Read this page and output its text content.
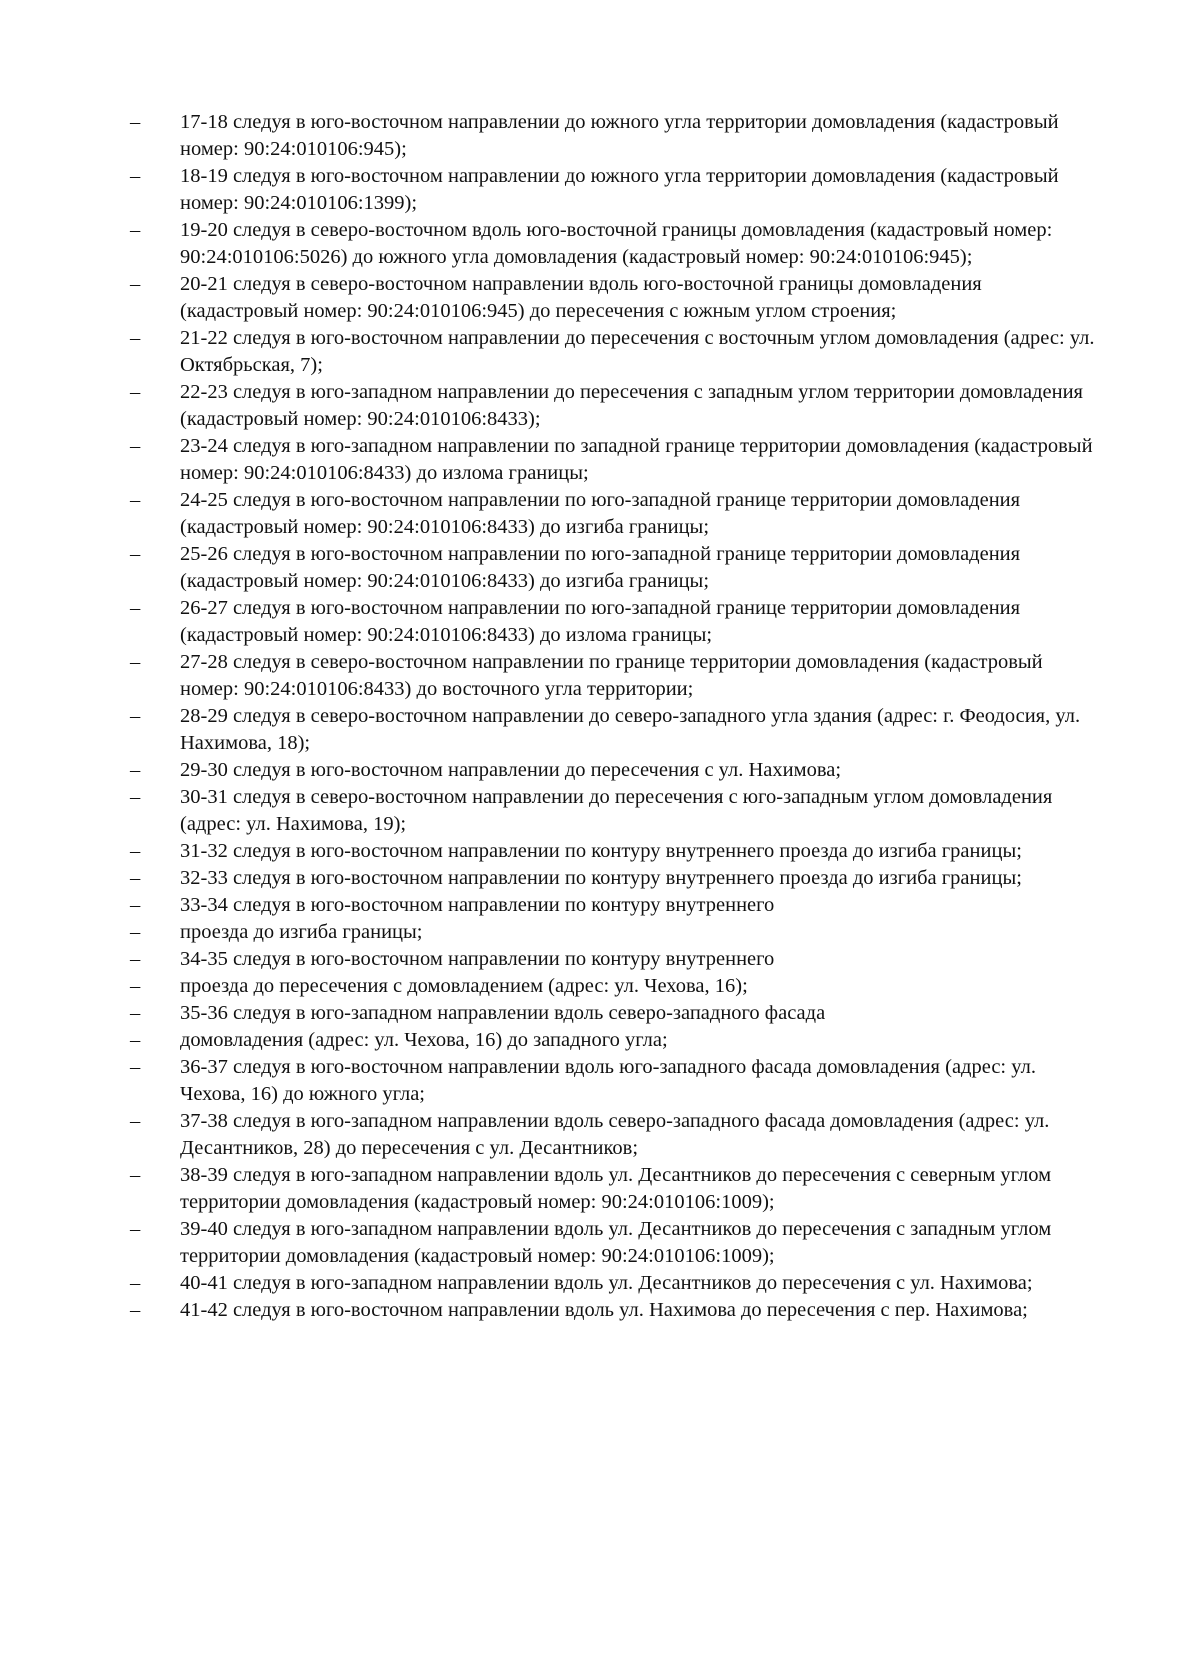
–
17-18 следуя в юго-восточном направлении до южного угла территории домовладения (кадастровый номер: 90:24:010106:945);
–
18-19 следуя в юго-восточном направлении до южного угла территории домовладения (кадастровый номер: 90:24:010106:1399);
–
19-20 следуя в северо-восточном вдоль юго-восточной границы домовладения (кадастровый номер: 90:24:010106:5026) до южного угла домовладения (кадастровый номер: 90:24:010106:945);
–
20-21 следуя в северо-восточном направлении вдоль юго-восточной границы домовладения (кадастровый номер: 90:24:010106:945) до пересечения с южным углом строения;
–
21-22 следуя в юго-восточном направлении до пересечения с восточным углом домовладения (адрес: ул. Октябрьская, 7);
–
22-23 следуя в юго-западном направлении до пересечения с западным углом территории домовладения (кадастровый номер: 90:24:010106:8433);
–
23-24 следуя в юго-западном направлении по западной границе территории домовладения (кадастровый номер: 90:24:010106:8433) до излома границы;
–
24-25 следуя в юго-восточном направлении по юго-западной границе территории домовладения (кадастровый номер: 90:24:010106:8433) до изгиба границы;
–
25-26 следуя в юго-восточном направлении по юго-западной границе территории домовладения (кадастровый номер: 90:24:010106:8433) до изгиба границы;
–
26-27 следуя в юго-восточном направлении по юго-западной границе территории домовладения (кадастровый номер: 90:24:010106:8433) до излома границы;
–
27-28 следуя в северо-восточном направлении по границе территории домовладения (кадастровый номер: 90:24:010106:8433) до восточного угла территории;
–
28-29 следуя в северо-восточном направлении до северо-западного угла здания (адрес: г. Феодосия, ул. Нахимова, 18);
–
29-30 следуя в юго-восточном направлении до пересечения с ул. Нахимова;
–
30-31 следуя в северо-восточном направлении до пересечения с юго-западным углом домовладения (адрес: ул. Нахимова, 19);
–
31-32 следуя в юго-восточном направлении по контуру внутреннего проезда до изгиба границы;
–
32-33 следуя в юго-восточном направлении по контуру внутреннего проезда до изгиба границы;
–
33-34 следуя в юго-восточном направлении по контуру внутреннего
–
проезда до изгиба границы;
–
34-35 следуя в юго-восточном направлении по контуру внутреннего
–
проезда до пересечения с домовладением (адрес: ул. Чехова, 16);
–
35-36 следуя в юго-западном направлении вдоль северо-западного фасада
–
домовладения (адрес: ул. Чехова, 16) до западного угла;
–
36-37 следуя в юго-восточном направлении вдоль юго-западного фасада домовладения (адрес: ул. Чехова, 16) до южного угла;
–
37-38 следуя в юго-западном направлении вдоль северо-западного фасада домовладения (адрес: ул. Десантников, 28) до пересечения с ул. Десантников;
–
38-39 следуя в юго-западном направлении вдоль ул. Десантников до пересечения с северным углом территории домовладения (кадастровый номер: 90:24:010106:1009);
–
39-40 следуя в юго-западном направлении вдоль ул. Десантников до пересечения с западным углом территории домовладения (кадастровый номер: 90:24:010106:1009);
–
40-41 следуя в юго-западном направлении вдоль ул. Десантников до пересечения с ул. Нахимова;
–
41-42 следуя в юго-восточном направлении вдоль ул. Нахимова до пересечения с пер. Нахимова;
